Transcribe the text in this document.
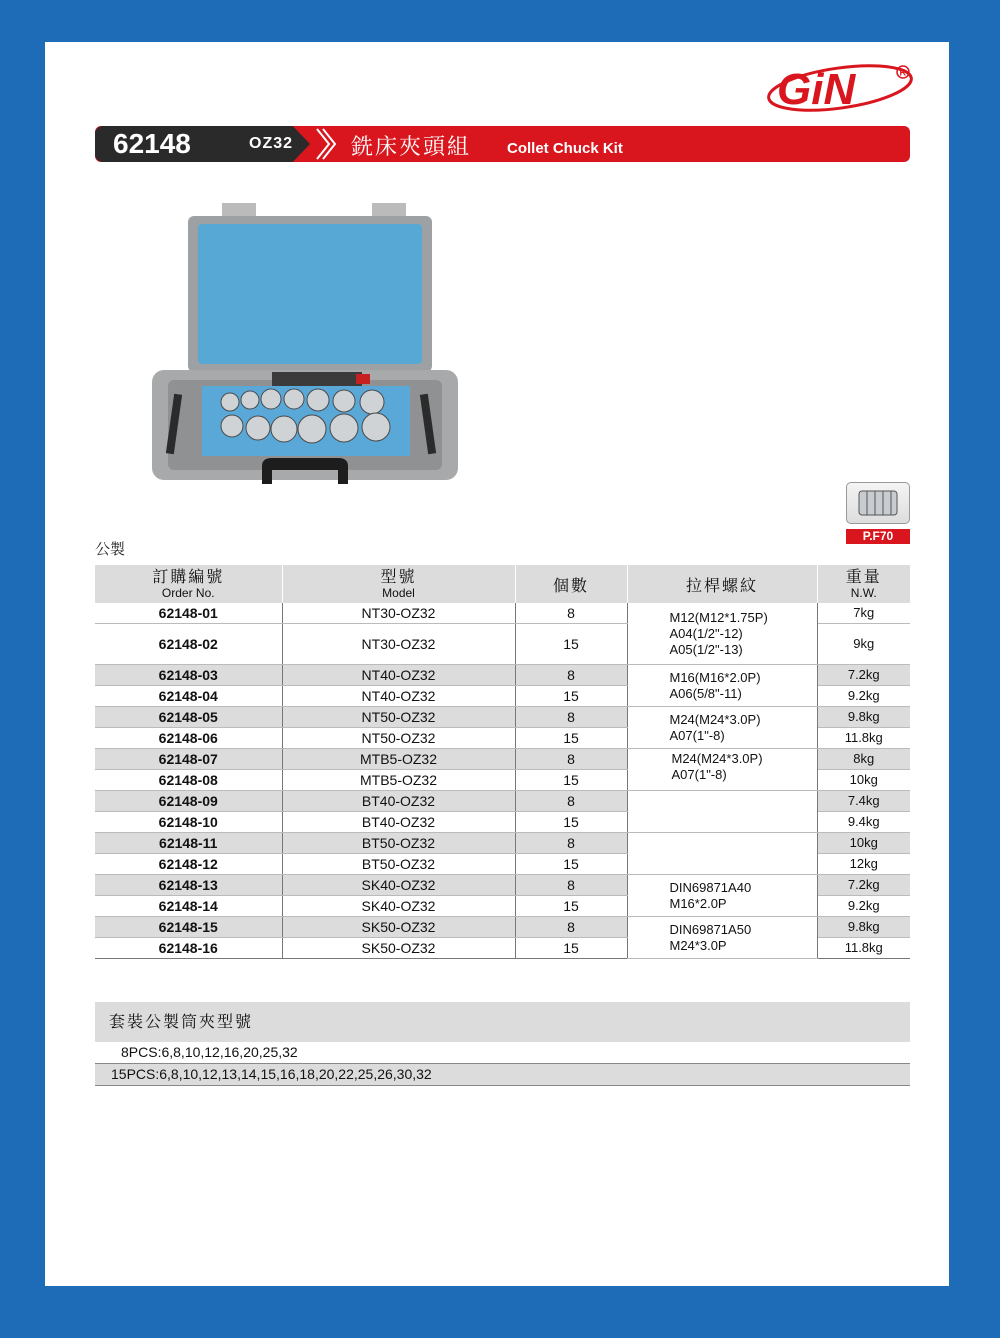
GiN	R
62148	OZ32	銑床夾頭組 Collet Chuck Kit
P.F70
公製
訂購編號
Order No.	型號
Model	個數	拉桿螺紋	重量
N.W.

62148-01	NT30-OZ32	8	M12(M12*1.75P)
A04(1/2"-12)
A05(1/2"-13)	7kg
62148-02	NT30-OZ32	15		9kg
62148-03	NT40-OZ32	8	M16(M16*2.0P)
A06(5/8"-11)	7.2kg
62148-04	NT40-OZ32	15		9.2kg
62148-05	NT50-OZ32	8	M24(M24*3.0P)
A07(1"-8)	9.8kg
62148-06	NT50-OZ32	15		11.8kg
62148-07	MTB5-OZ32	8	M24(M24*3.0P)
A07(1"-8)	8kg
62148-08	MTB5-OZ32	15		10kg
62148-09	BT40-OZ32	8		7.4kg
62148-10	BT40-OZ32	15		9.4kg
62148-11	BT50-OZ32	8		10kg
62148-12	BT50-OZ32	15		12kg
62148-13	SK40-OZ32	8	DIN69871A40
M16*2.0P	7.2kg
62148-14	SK40-OZ32	15		9.2kg
62148-15	SK50-OZ32	8	DIN69871A50
M24*3.0P	9.8kg
62148-16	SK50-OZ32	15		11.8kg
套裝公製筒夾型號
8PCS:6,8,10,12,16,20,25,32
15PCS:6,8,10,12,13,14,15,16,18,20,22,25,26,30,32
